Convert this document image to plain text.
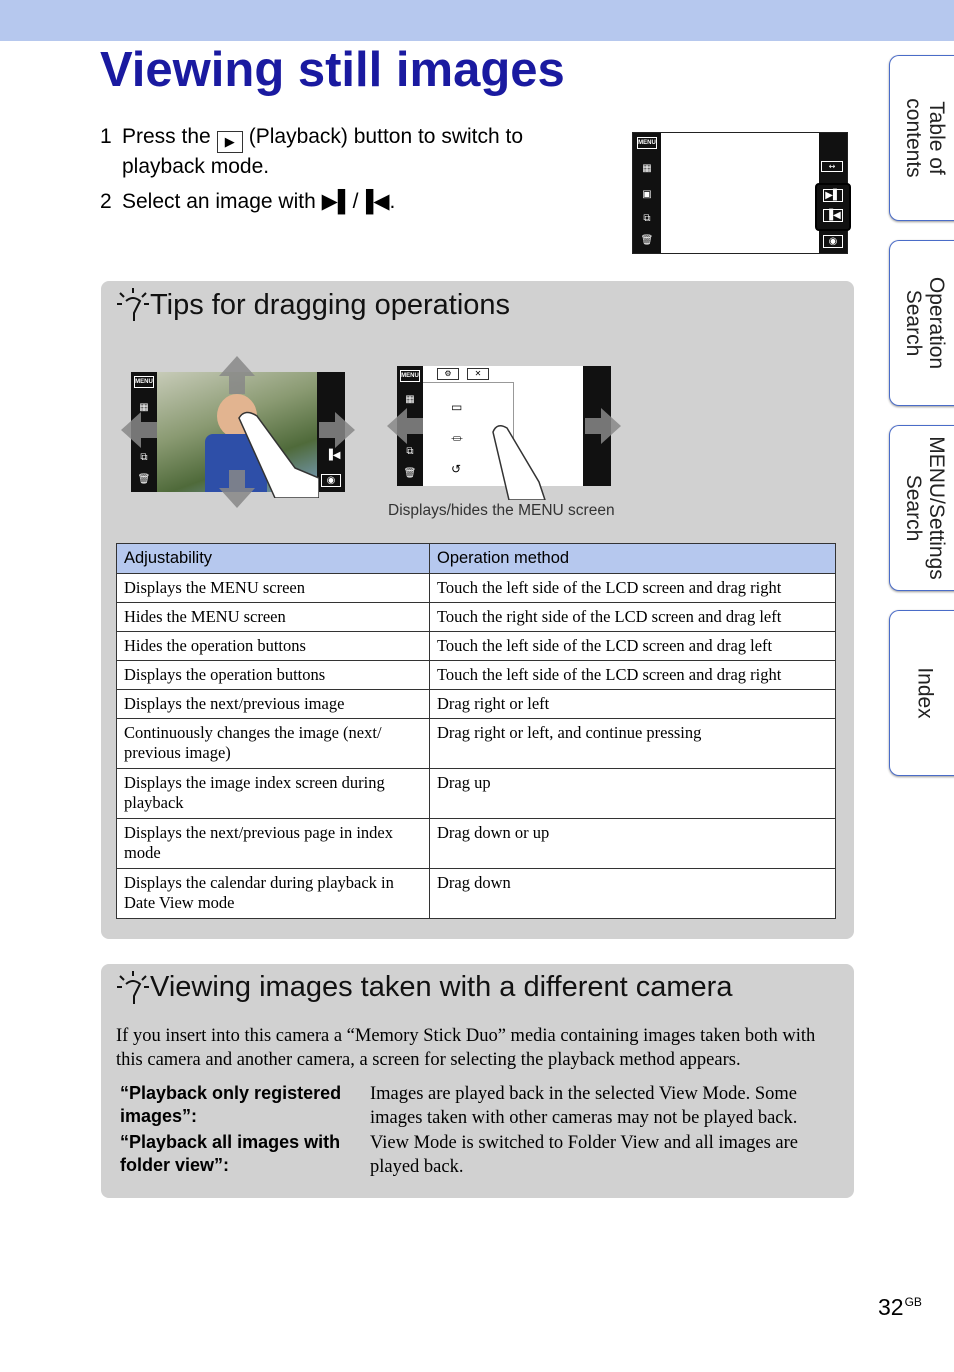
Viewing still images
1 Press the ▶ (Playback) button to switch to
playback mode.
2 Select an image with ▶▌/▐◀.
MENU
▦
▣
⧉
🗑
↔
▶▌
▐◀
◉
Tips for dragging operations
MENU
▦
⧉
🗑
▐◀
◉
⚙	✕
▭
⏛
↺
MENU
▦
⧉
🗑
Displays/hides the MENU screen
Adjustability	Operation method
Displays the MENU screen	Touch the left side of the LCD screen and drag right
Hides the MENU screen	Touch the right side of the LCD screen and drag left
Hides the operation buttons	Touch the left side of the LCD screen and drag left
Displays the operation buttons	Touch the left side of the LCD screen and drag right
Displays the next/previous image	Drag right or left
Continuously changes the image (next/ previous image)	Drag right or left, and continue pressing
Displays the image index screen during playback	Drag up
Displays the next/previous page in index mode	Drag down or up
Displays the calendar during playback in Date View mode	Drag down
Viewing images taken with a different camera
If you insert into this camera a “Memory Stick Duo” media containing images taken both with this camera and another camera, a screen for selecting the playback method appears.
“Playback only registered images”:
Images are played back in the selected View Mode. Some images taken with other cameras may not be played back.
“Playback all images with folder view”:
View Mode is switched to Folder View and all images are played back.
Table of contents
Operation Search
MENU/Settings Search
Index
$32^{GB}$
